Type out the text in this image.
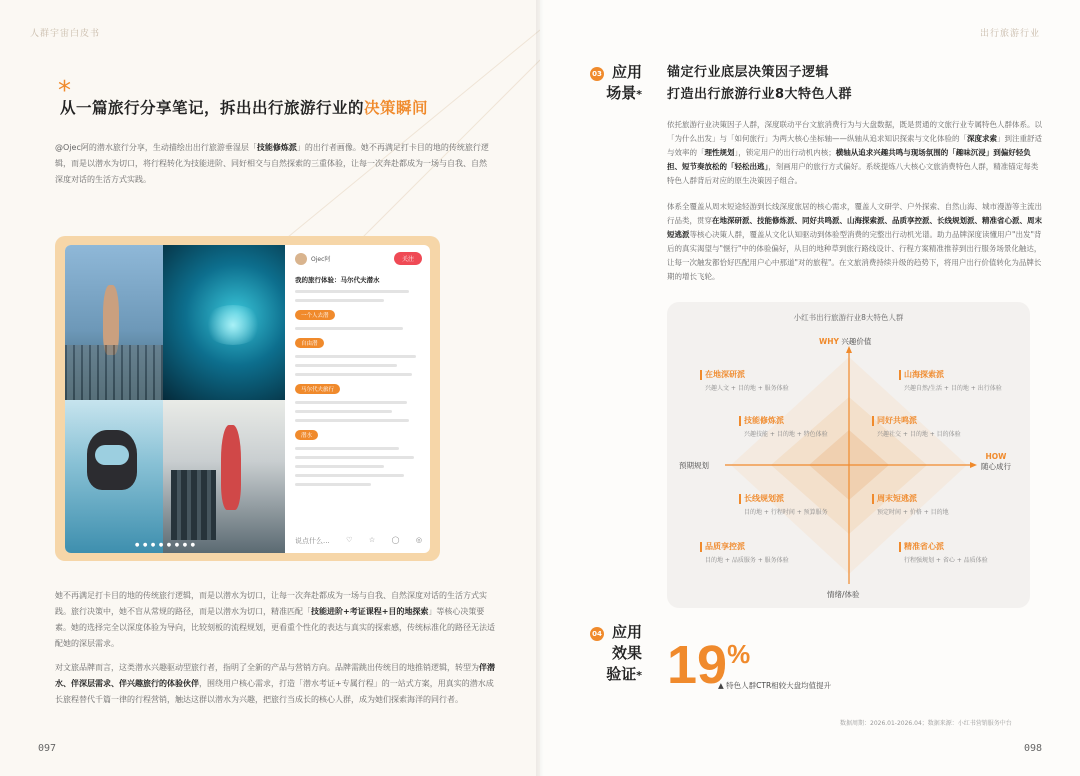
人群宇宙白皮书
*
从一篇旅行分享笔记，拆出出行旅游行业的决策瞬间
@Ojec阿的潜水旅行分享，生动描绘出出行旅游垂湿层「技能修炼派」的出行者画像。她不再满足打卡目的地的传统旅行逻辑，而是以潜水为切口，将行程转化为技能进阶、同好相交与自然探索的三重体验，让每一次奔赴都成为一场与自我、自然深度对话的生活方式实践。
● ● ● ● ● ● ● ●
Ojec阿	关注
我的旅行体验：马尔代夫潜水
一个人去潜
自由潜
马尔代夫旅行
潜水
说点什么... ♡ ☆ ◯ ◎
她不再满足打卡目的地的传统旅行逻辑，而是以潜水为切口，让每一次奔赴都成为一场与自我、自然深度对话的生活方式实践。旅行决策中，她不盲从常规的路径，而是以潜水为切口，精准匹配「技能进阶+考证课程+目的地探索」等核心决策要素。她的选择完全以深度体验为导向，比较刻板的流程规划，更看重个性化的表达与真实的探索感，传统标准化的路径无法适配她的深层需求。
对文旅品牌而言，这类潜水兴趣驱动型旅行者，指明了全新的产品与营销方向。品牌需跳出传统目的地推销逻辑，转型为伴潜水、伴深层需求、伴兴趣旅行的体验伙伴，围绕用户核心需求，打造「潜水考证+专属行程」的一站式方案，用真实的潜水成长旅程替代千篇一律的行程营销，触达这群以潜水为兴趣，把旅行当成长的核心人群，成为她们探索海洋的同行者。
097
出行旅游行业
03 应用
场景*
锚定行业底层决策因子逻辑
打造出行旅游行业8大特色人群
依托旅游行业决策因子人群，深度联动平台文旅消费行为与大盘数据，既是贯通的文旅行业专属特色人群体系。以「为什么出发」与「如何旅行」为两大核心坐标轴——纵轴从追求知识探索与文化体验的「深度求索」到注重舒适与效率的「理性规划」，锁定用户的出行动机内核；横轴从追求兴趣共鸣与现场氛围的「趣味沉浸」到偏好轻负担、短节奏放松的「轻松出逃」，刻画用户的旅行方式偏好。系统提炼八大核心文旅消费特色人群，精准锚定每类特色人群背后对应的原生决策因子组合。
体系全覆盖从周末短途轻游到长线深度旅居的核心需求，覆盖人文研学、户外探索、自然山海、城市漫游等主流出行品类，贯穿在地深研派、技能修炼派、同好共鸣派、山海探索派、品质享控派、长线规划派、精准省心派、周末短逃派等核心决策人群，覆盖从文化认知驱动到体验型消费的完整出行动机光谱。助力品牌深度读懂用户"出发"背后的真实渴望与"惬行"中的体验偏好，从目的地种草到旅行路线设计、行程方案精准推荐到出行服务场景化触达，让每一次触发都恰好匹配用户心中那道"对的旅程"。在文旅消费持续升级的趋势下，将用户出行价值转化为品牌长期的增长飞轮。
小红书出行旅游行业8大特色人群
WHY 兴趣价值
HOW
随心成行
预期规划
情绪/体验
在地深研派
兴趣人文 + 目的地 + 服务体验
山海探索派
兴趣自然/生活 + 目的地 + 出行体验
技能修炼派
兴趣技能 + 目的地 + 特色体验
同好共鸣派
兴趣社交 + 目的地 + 目的体验
长线规划派
目的地 + 行程时间 + 预算服务
周末短逃派
预定时间 + 价格 + 目的地
品质享控派
目的地 + 品质服务 + 服务体验
精准省心派
行程强规划 + 省心 + 品质体验
04 应用
效果
验证* 19%
▲ 特色人群CTR相较大盘均值提升
数据周期：2026.01-2026.04；数据来源：小红书营销服务中台
098
